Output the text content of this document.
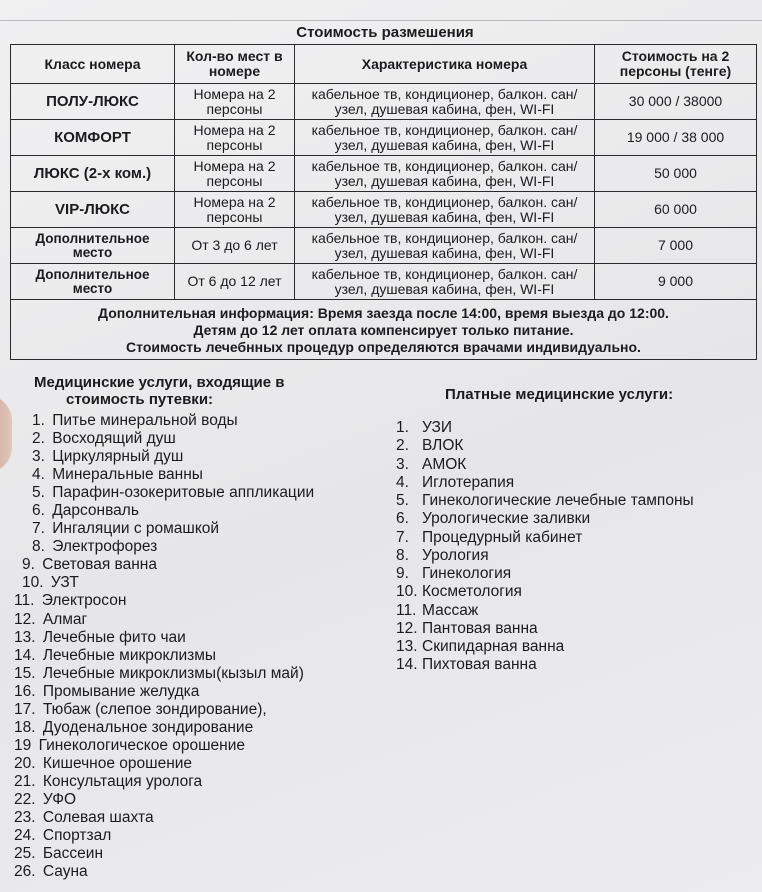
Стоимость размешения
Класс номера	Кол-во мест в номере	Характеристика номера	Стоимость на 2 персоны (тенге)
ПОЛУ-ЛЮКС	Номера на 2 персоны	кабельное тв, кондиционер, балкон. сан/узел, душевая кабина, фен, WI-FI	30 000 / 38000
КОМФОРТ	Номера на 2 персоны	кабельное тв, кондиционер, балкон. сан/узел, душевая кабина, фен, WI-FI	19 000 / 38 000
ЛЮКС (2-х ком.)	Номера на 2 персоны	кабельное тв, кондиционер, балкон. сан/узел, душевая кабина, фен, WI-FI	50 000
VIP-ЛЮКС	Номера на 2 персоны	кабельное тв, кондиционер, балкон. сан/узел, душевая кабина, фен, WI-FI	60 000
Дополнительное место	От 3 до 6 лет	кабельное тв, кондиционер, балкон. сан/узел, душевая кабина, фен, WI-FI	7 000
Дополнительное место	От 6 до 12 лет	кабельное тв, кондиционер, балкон. сан/узел, душевая кабина, фен, WI-FI	9 000

Дополнительная информация: Время заезда после 14:00, время выезда до 12:00.
Детям до 12 лет оплата компенсирует только питание.
Стоимость лечебнных процедур определяются врачами индивидуально.			
Медицинские услуги, входящие в
стоимость путевки:	Платные медицинские услуги:
1. Питье минеральной воды
2. Восходящий душ
3. Циркулярный душ
4. Минеральные ванны
5. Парафин-озокеритовые аппликации
6. Дарсонваль
7. Ингаляции с ромашкой
8. Электрофорез
9. Световая ванна
10. УЗТ
11. Электросон
12. Алмаг
13. Лечебные фито чаи
14. Лечебные микроклизмы
15. Лечебные микроклизмы(кызыл май)
16. Промывание желудка
17. Тюбаж (слепое зондирование),
18. Дуоденальное зондирование
19 Гинекологическое орошение
20. Кишечное орошение
21. Консультация уролога
22. УФО
23. Солевая шахта
24. Спортзал
25. Бассеин
26. Сауна
1. УЗИ
2. ВЛОК
3. АМОК
4. Иглотерапия
5. Гинекологические лечебные тампоны
6. Урологические заливки
7. Процедурный кабинет
8. Урология
9. Гинекология
10. Косметология
11. Массаж
12. Пантовая ванна
13. Скипидарная ванна
14. Пихтовая ванна
